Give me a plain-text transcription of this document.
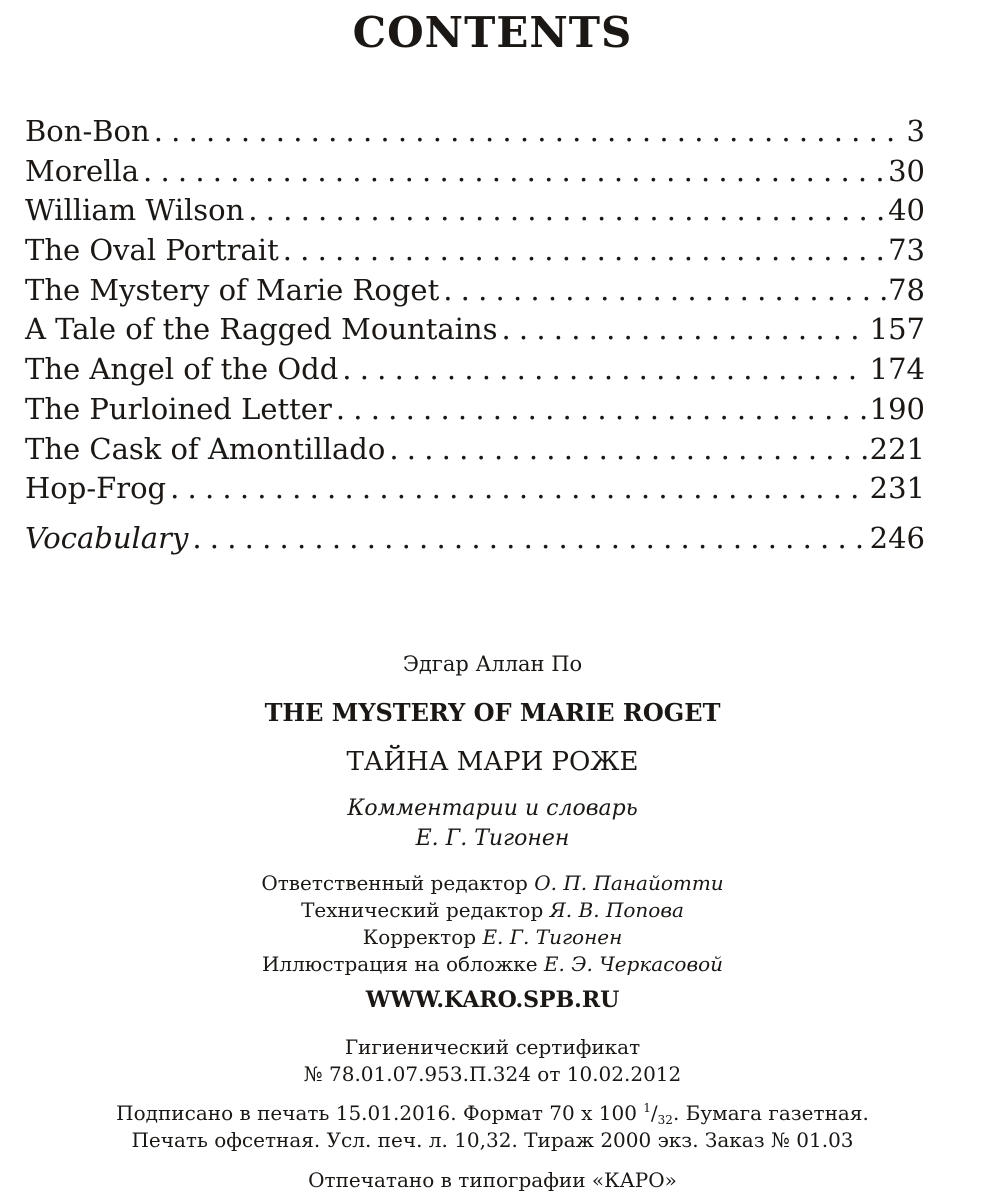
CONTENTS
Bon-Bon . . .	3
Morella . . .	30
William Wilson . . .	40
The Oval Portrait . . .	73
The Mystery of Marie Roget . . .	78
A Tale of the Ragged Mountains . . .	157
The Angel of the Odd . . .	174
The Purloined Letter . . .	190
The Cask of Amontillado . . .	221
Hop-Frog . . .	231
Vocabulary . . .	246
Эдгар Аллан По
THE MYSTERY OF MARIE ROGET
ТАЙНА МАРИ РОЖЕ
Комментарии и словарь
Е. Г. Тигонен
Ответственный редактор О. П. Панайотти
Технический редактор Я. В. Попова
Корректор Е. Г. Тигонен
Иллюстрация на обложке Е. Э. Черкасовой
WWW.KARO.SPB.RU
Гигиенический сертификат
№ 78.01.07.953.П.324 от 10.02.2012
Подписано в печать 15.01.2016. Формат 70 х 100 $^1/_{32}$. Бумага газетная.
Печать офсетная. Усл. печ. л. 10,32. Тираж 2000 экз. Заказ № 01.03
Отпечатано в типографии «КАРО»
